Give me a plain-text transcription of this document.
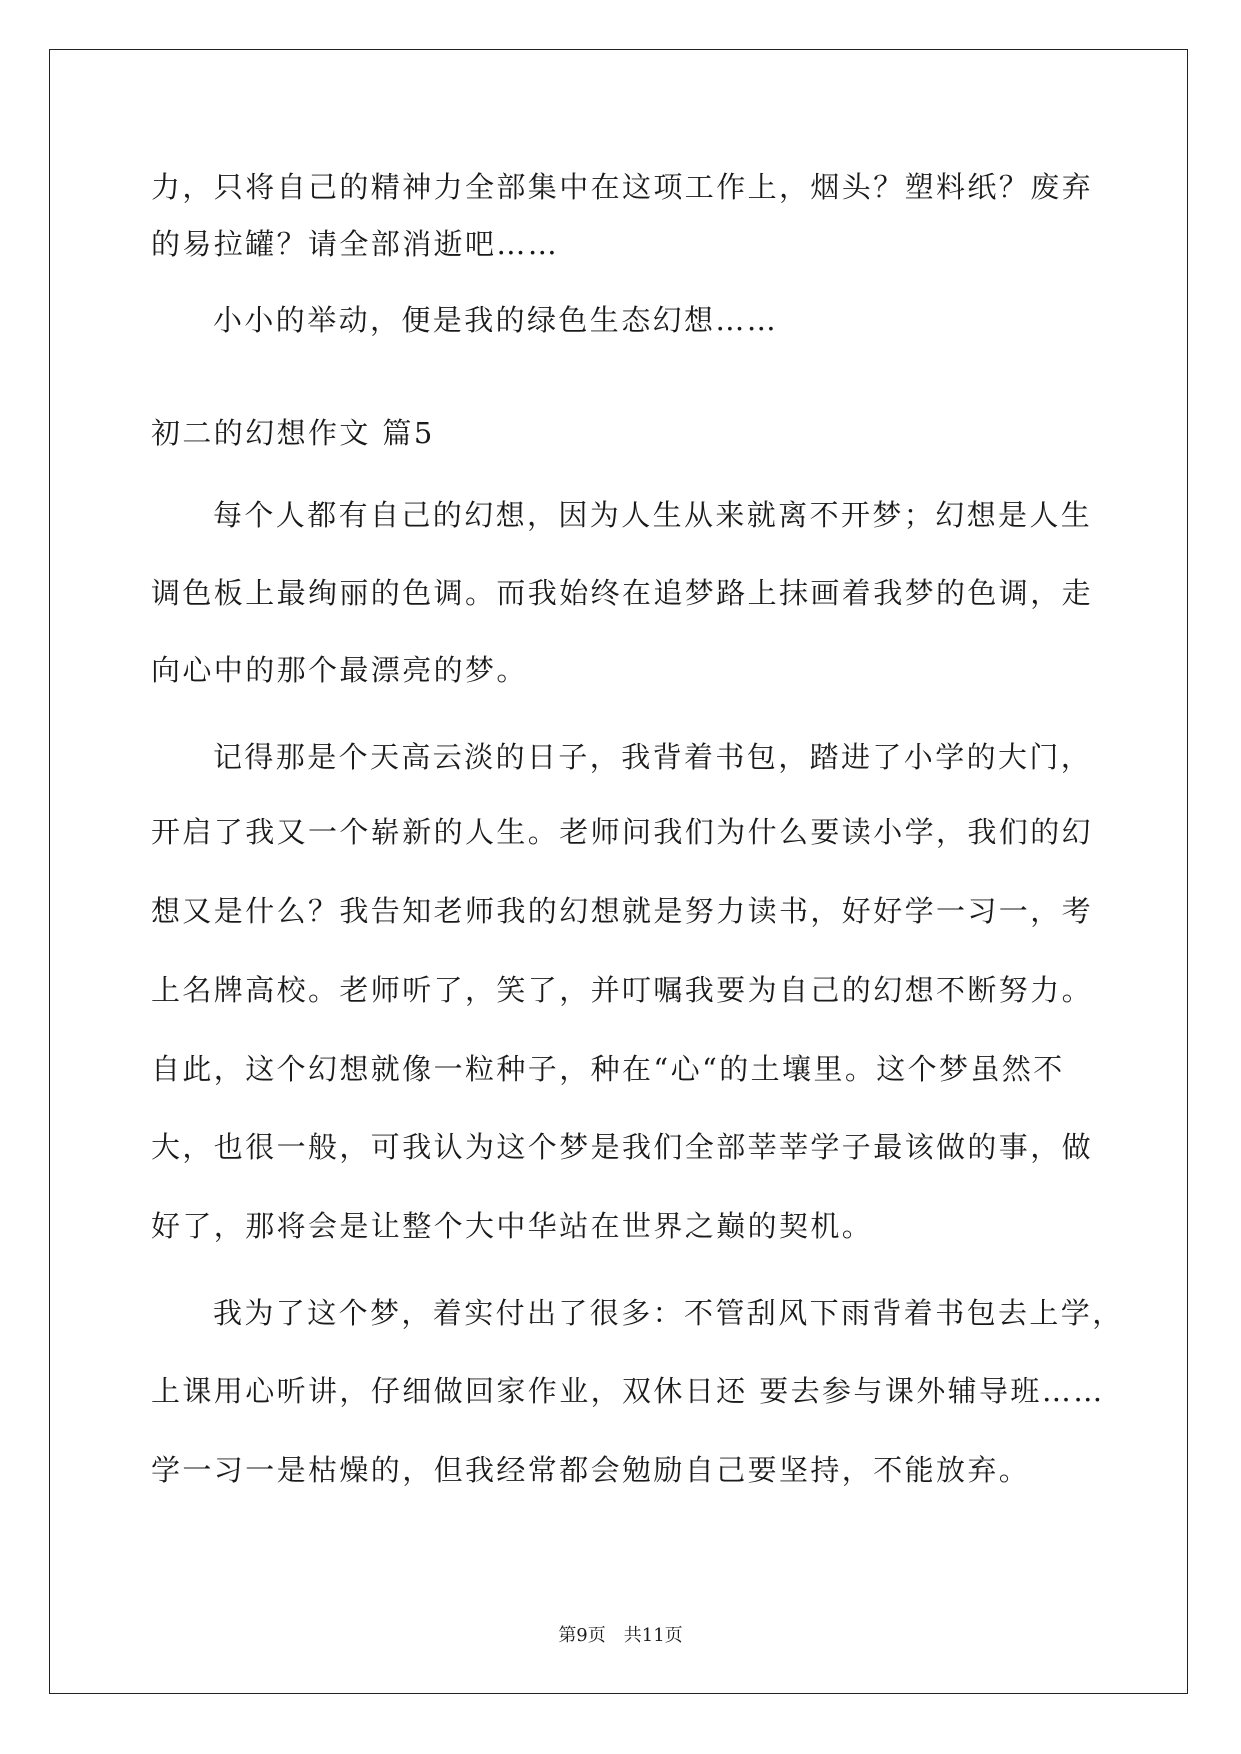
力，只将自己的精神力全部集中在这项工作上，烟头？塑料纸？废弃
的易拉罐？请全部消逝吧……
小小的举动，便是我的绿色生态幻想……
初二的幻想作文 篇5
每个人都有自己的幻想，因为人生从来就离不开梦；幻想是人生
调色板上最绚丽的色调。而我始终在追梦路上抹画着我梦的色调，走
向心中的那个最漂亮的梦。
记得那是个天高云淡的日子，我背着书包，踏进了小学的大门，
开启了我又一个崭新的人生。老师问我们为什么要读小学，我们的幻
想又是什么？我告知老师我的幻想就是努力读书，好好学一习一，考
上名牌高校。老师听了，笑了，并叮嘱我要为自己的幻想不断努力。
自此，这个幻想就像一粒种子，种在“心“的土壤里。这个梦虽然不
大，也很一般，可我认为这个梦是我们全部莘莘学子最该做的事，做
好了，那将会是让整个大中华站在世界之巅的契机。
我为了这个梦，着实付出了很多：不管刮风下雨背着书包去上学，
上课用心听讲，仔细做回家作业，双休日还 要去参与课外辅导班……
学一习一是枯燥的，但我经常都会勉励自己要坚持，不能放弃。
第9页　共11页
